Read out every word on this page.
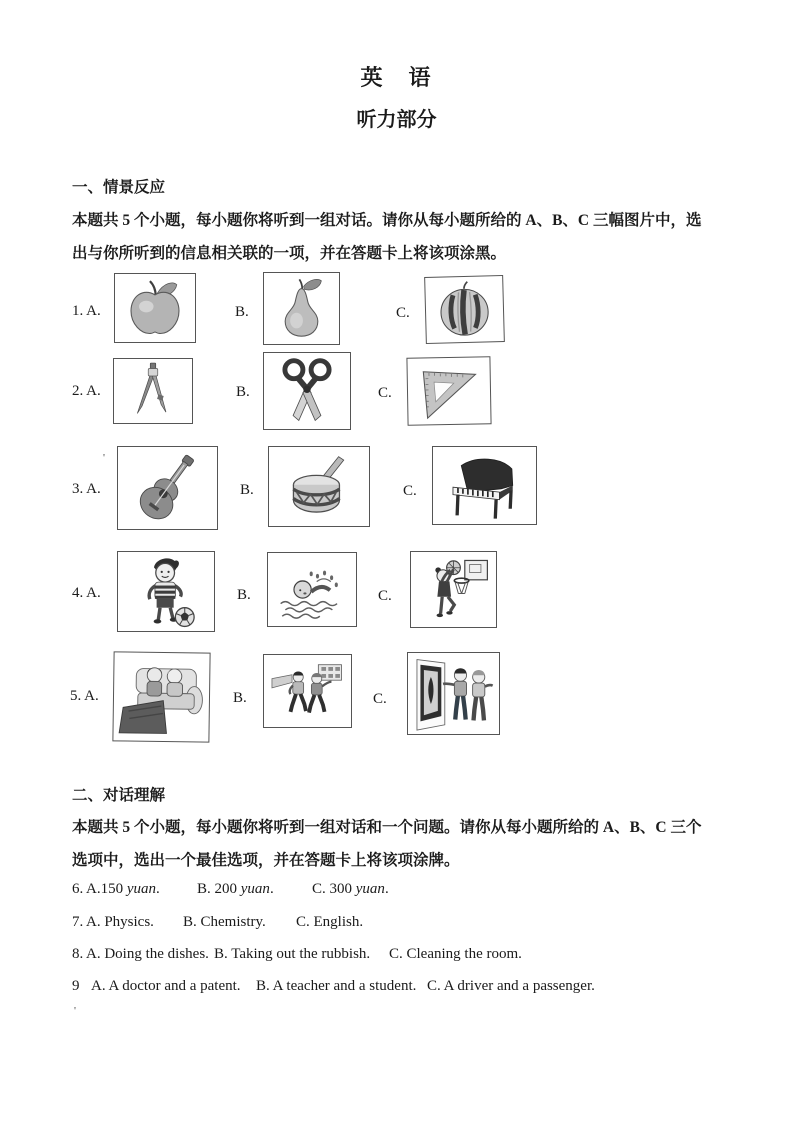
英　语
听力部分
一、情景反应
本题共 5 个小题，每小题你将听到一组对话。请你从每小题所给的 A、B、C 三幅图片中，选
出与你所听到的信息相关联的一项，并在答题卡上将该项涂黑。
'
'
1. A.	B.	C.
2. A.	B.	C.
3. A.	B.	C.
4. A.	B.	C.
5. A.	B.	C.
二、对话理解
本题共 5 个小题，每小题你将听到一组对话和一个问题。请你从每小题所给的 A、B、C 三个
选项中，选出一个最佳选项，并在答题卡上将该项涂牌。
6. A.150 yuan. B. 200 yuan.	C. 300 yuan.
7. A. Physics. B. Chemistry. C. English.
8. A. Doing the dishes. B. Taking out the rubbish. C. Cleaning the room.
9 A. A doctor and a patent. B. A teacher and a student. C. A driver and a passenger.
